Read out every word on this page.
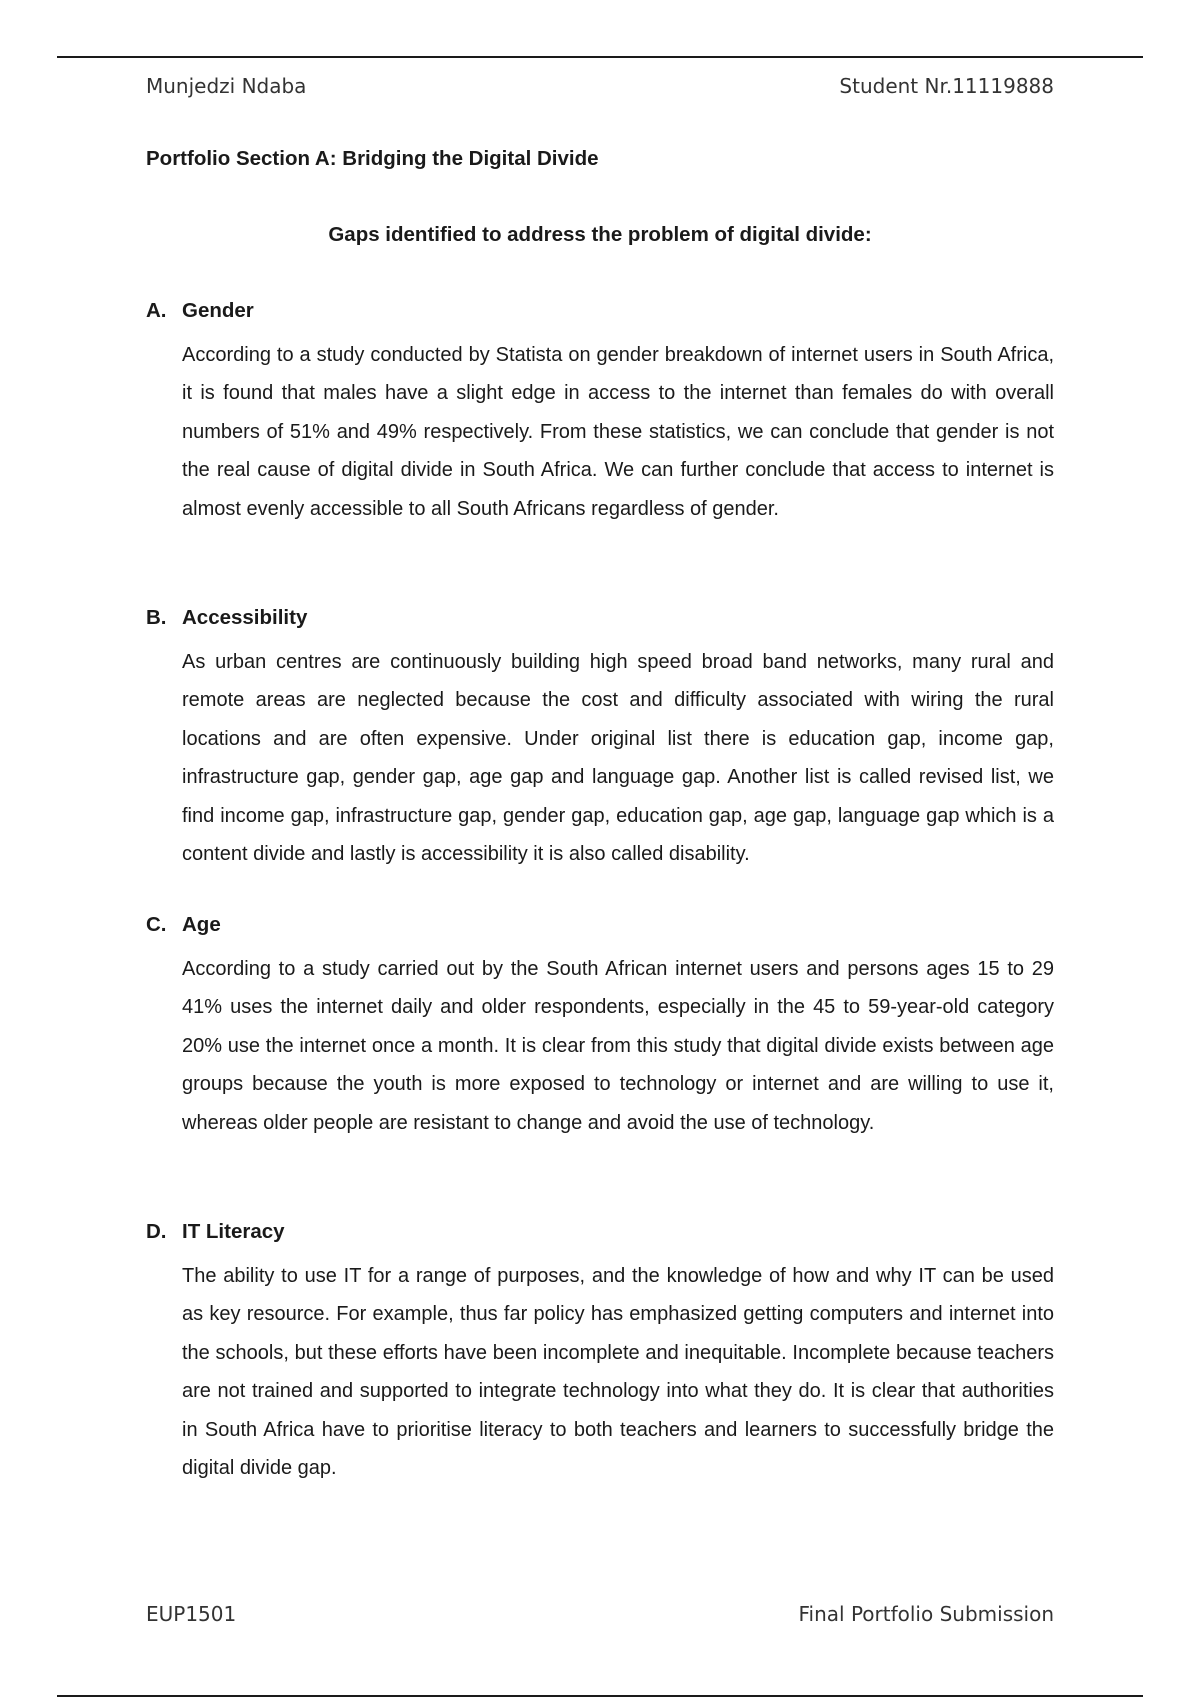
Munjedzi Ndaba	Student Nr.11119888
Portfolio Section A: Bridging the Digital Divide
Gaps identified to address the problem of digital divide:
A. Gender
According to a study conducted by Statista on gender breakdown of internet users in South Africa, it is found that males have a slight edge in access to the internet than females do with overall numbers of 51% and 49% respectively. From these statistics, we can conclude that gender is not the real cause of digital divide in South Africa. We can further conclude that access to internet is almost evenly accessible to all South Africans regardless of gender.
B. Accessibility
As urban centres are continuously building high speed broad band networks, many rural and remote areas are neglected because the cost and difficulty associated with wiring the rural locations and are often expensive. Under original list there is education gap, income gap, infrastructure gap, gender gap, age gap and language gap. Another list is called revised list, we find income gap, infrastructure gap, gender gap, education gap, age gap, language gap which is a content divide and lastly is accessibility it is also called disability.
C. Age
According to a study carried out by the South African internet users and persons ages 15 to 29 41% uses the internet daily and older respondents, especially in the 45 to 59-year-old category 20% use the internet once a month. It is clear from this study that digital divide exists between age groups because the youth is more exposed to technology or internet and are willing to use it, whereas older people are resistant to change and avoid the use of technology.
D. IT Literacy
The ability to use IT for a range of purposes, and the knowledge of how and why IT can be used as key resource. For example, thus far policy has emphasized getting computers and internet into the schools, but these efforts have been incomplete and inequitable. Incomplete because teachers are not trained and supported to integrate technology into what they do. It is clear that authorities in South Africa have to prioritise literacy to both teachers and learners to successfully bridge the digital divide gap.
EUP1501	Final Portfolio Submission
